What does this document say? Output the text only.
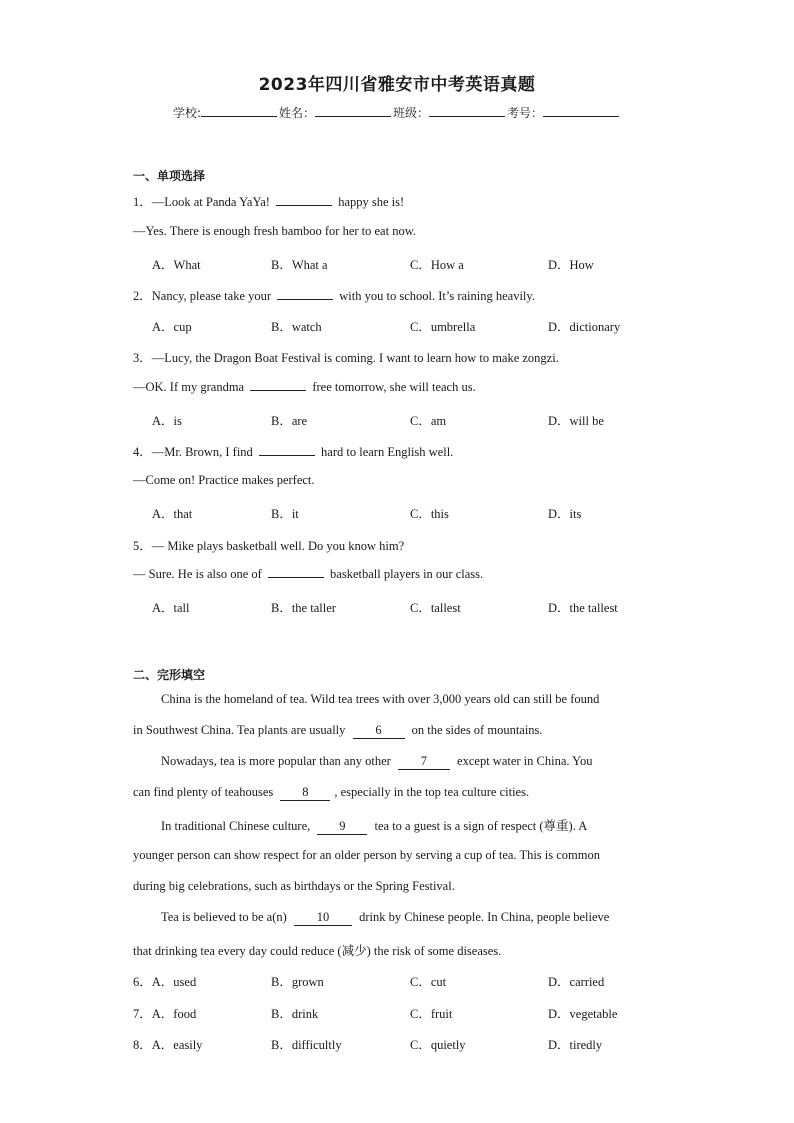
2023年四川省雅安市中考英语真题
学校:	姓名：	班级：	考号：
一、单项选择
1．—Look at Panda YaYa!	happy she is!
—Yes. There is enough fresh bamboo for her to eat now.
A．What	B．What a	C．How a	D．How
2．Nancy, please take your	with you to school. It’s raining heavily.
A．cup	B．watch	C．umbrella	D．dictionary
3．—Lucy, the Dragon Boat Festival is coming. I want to learn how to make zongzi.
—OK. If my grandma	free tomorrow, she will teach us.
A．is	B．are	C．am	D．will be
4．—Mr. Brown, I find	hard to learn English well.
—Come on! Practice makes perfect.
A．that	B．it	C．this	D．its
5．— Mike plays basketball well. Do you know him?
— Sure. He is also one of	basketball players in our class.
A．tall	B．the taller	C．tallest	D．the tallest
二、完形填空
China is the homeland of tea. Wild tea trees with over 3,000 years old can still be found
in Southwest China. Tea plants are usually 6 on the sides of mountains.
Nowadays, tea is more popular than any other 7 except water in China. You
can find plenty of teahouses 8 , especially in the top tea culture cities.
In traditional Chinese culture, 9 tea to a guest is a sign of respect (尊重). A
younger person can show respect for an older person by serving a cup of tea. This is common
during big celebrations, such as birthdays or the Spring Festival.
Tea is believed to be a(n) 10 drink by Chinese people. In China, people believe
that drinking tea every day could reduce (减少) the risk of some diseases.
6．A．used	B．grown	C．cut	D．carried
7．A．food	B．drink	C．fruit	D．vegetable
8．A．easily	B．difficultly	C．quietly	D．tiredly
